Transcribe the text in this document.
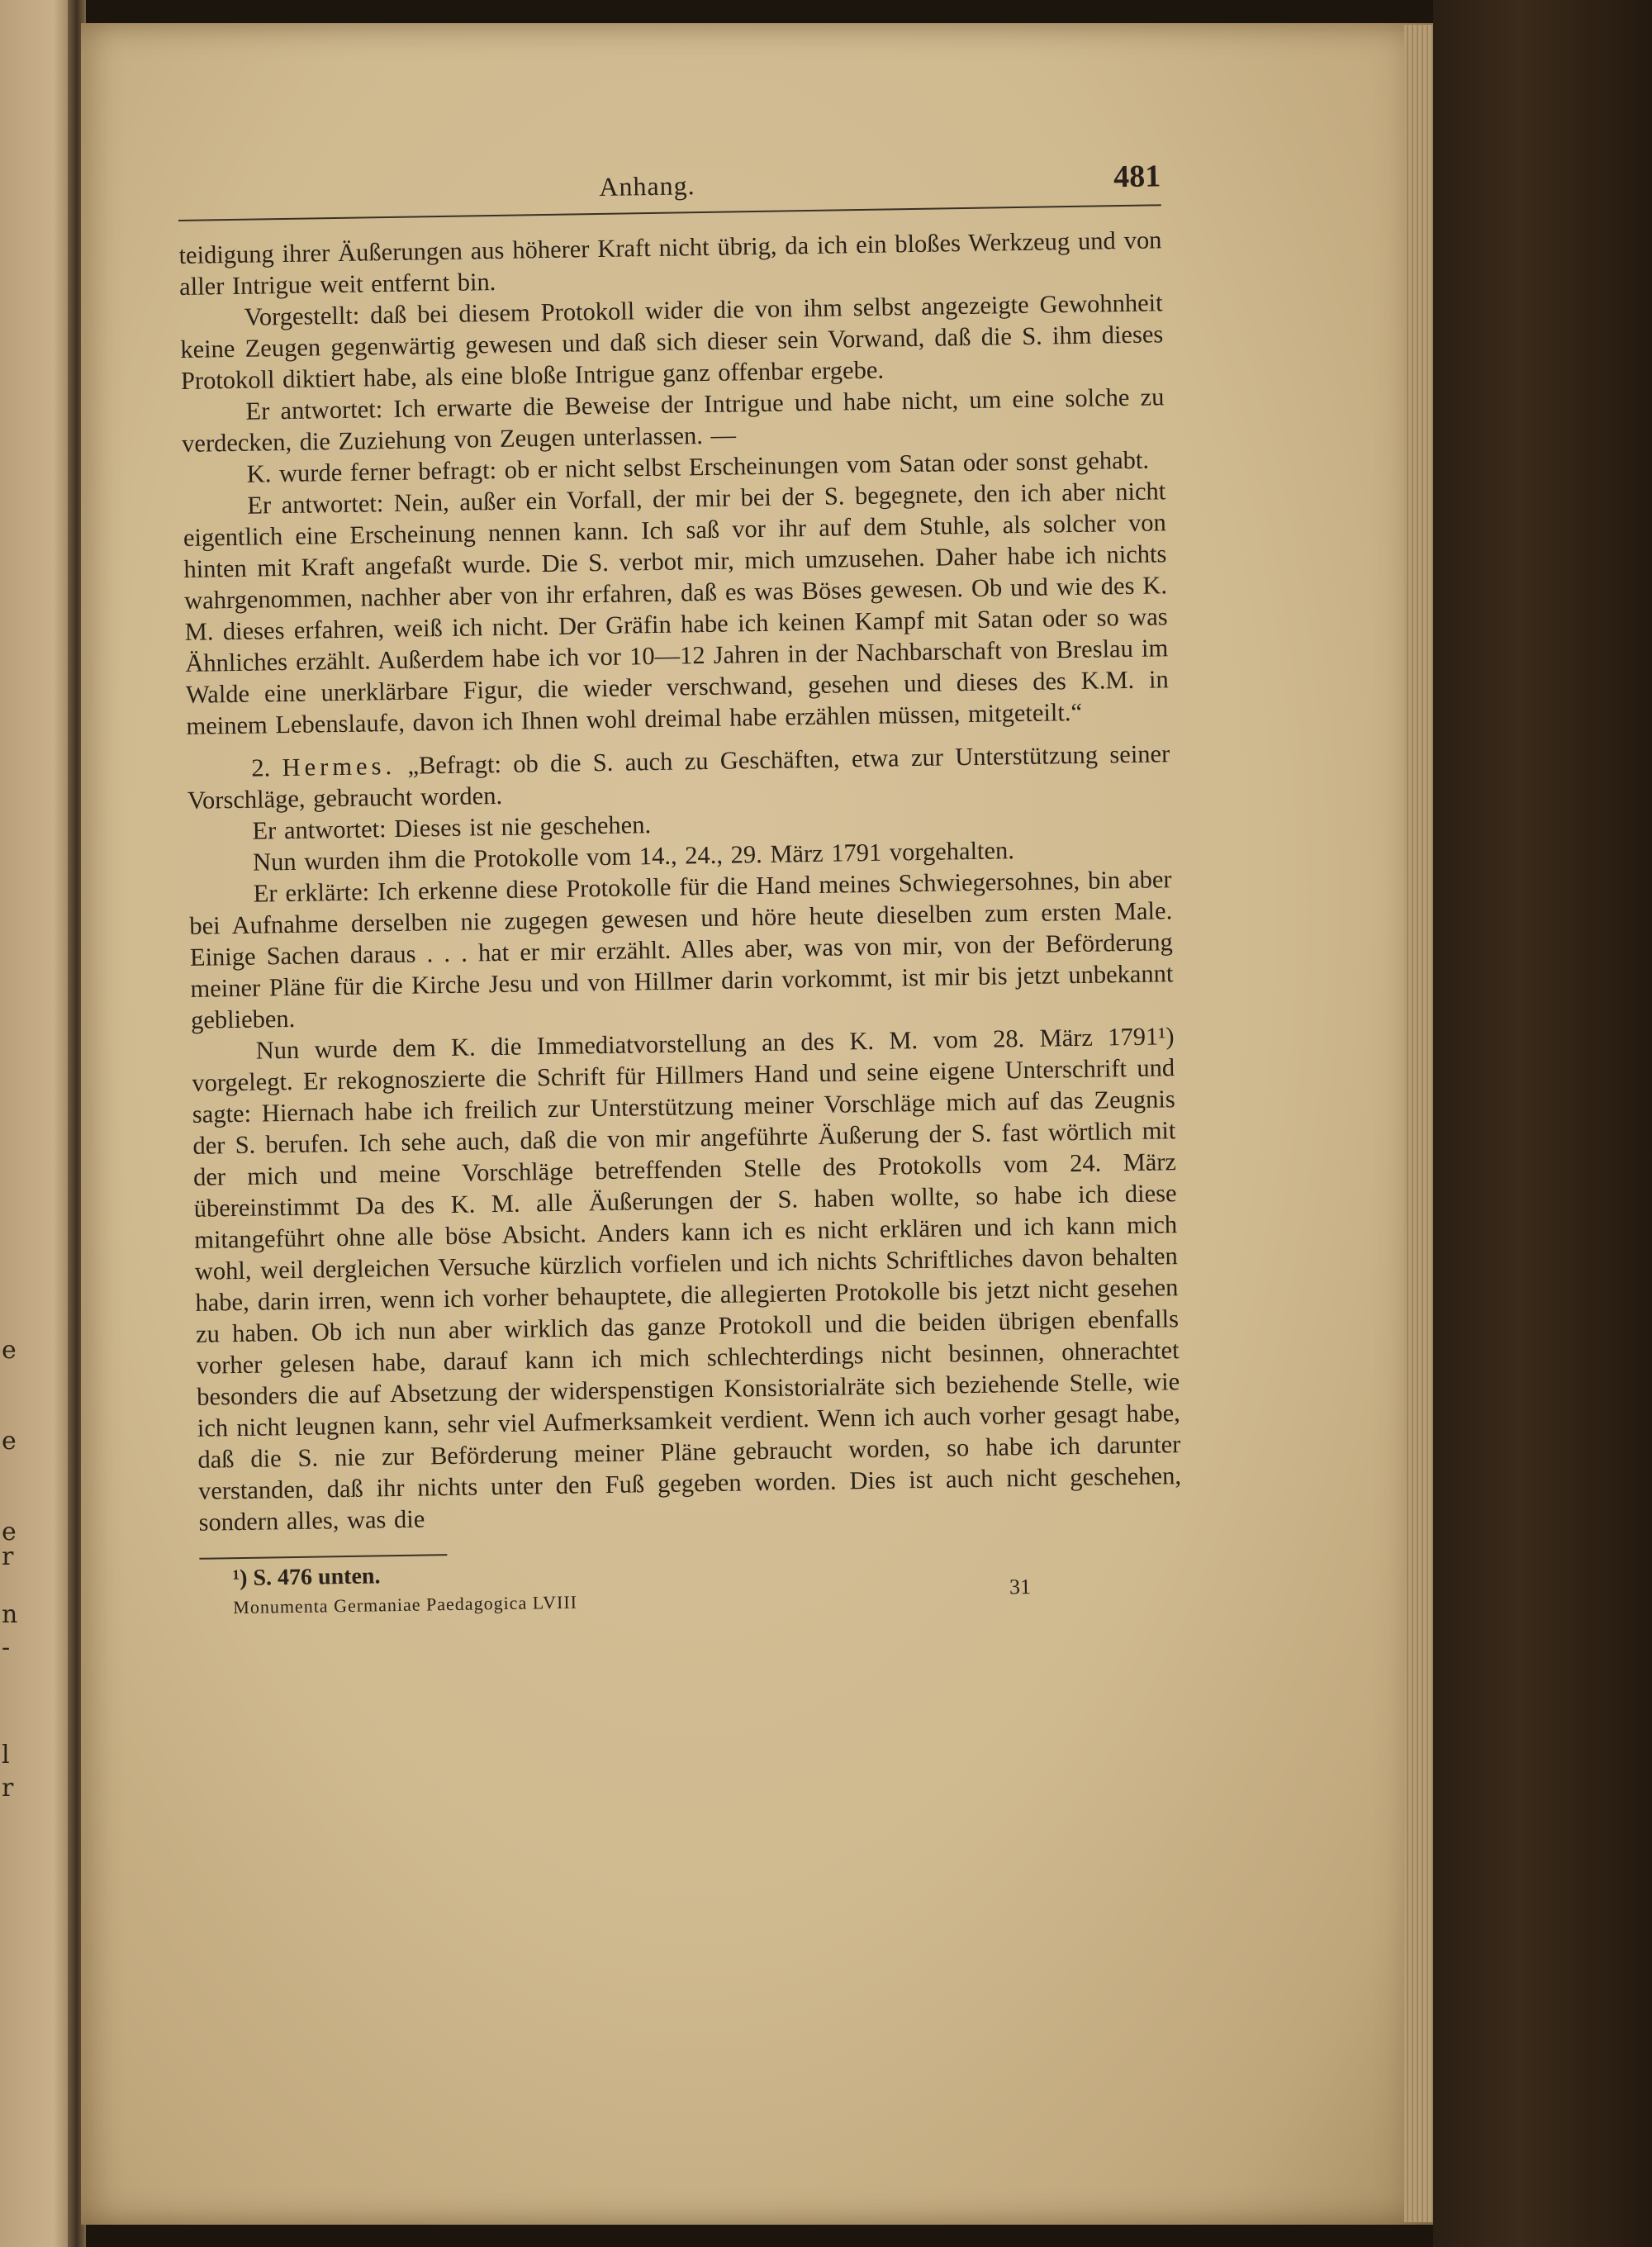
e
e
e
r
n
-
l
r
Anhang.	481

teidigung ihrer Äußerungen aus höherer Kraft nicht übrig, da ich ein bloßes Werkzeug und von aller Intrigue weit entfernt bin.

Vorgestellt: daß bei diesem Protokoll wider die von ihm selbst angezeigte Gewohnheit keine Zeugen gegenwärtig gewesen und daß sich dieser sein Vorwand, daß die S. ihm dieses Protokoll diktiert habe, als eine bloße Intrigue ganz offenbar ergebe.

Er antwortet: Ich erwarte die Beweise der Intrigue und habe nicht, um eine solche zu verdecken, die Zuziehung von Zeugen unterlassen. —

K. wurde ferner befragt: ob er nicht selbst Erscheinungen vom Satan oder sonst gehabt.

Er antwortet: Nein, außer ein Vorfall, der mir bei der S. begegnete, den ich aber nicht eigentlich eine Erscheinung nennen kann. Ich saß vor ihr auf dem Stuhle, als solcher von hinten mit Kraft angefaßt wurde. Die S. verbot mir, mich umzusehen. Daher habe ich nichts wahrgenommen, nachher aber von ihr erfahren, daß es was Böses gewesen. Ob und wie des K. M. dieses erfahren, weiß ich nicht. Der Gräfin habe ich keinen Kampf mit Satan oder so was Ähnliches erzählt. Außerdem habe ich vor 10—12 Jahren in der Nachbarschaft von Breslau im Walde eine unerklärbare Figur, die wieder verschwand, gesehen und dieses des K.M. in meinem Lebenslaufe, davon ich Ihnen wohl dreimal habe erzählen müssen, mitgeteilt.“

2. Hermes. „Befragt: ob die S. auch zu Geschäften, etwa zur Unterstützung seiner Vorschläge, gebraucht worden.

Er antwortet: Dieses ist nie geschehen.

Nun wurden ihm die Protokolle vom 14., 24., 29. März 1791 vorgehalten.

Er erklärte: Ich erkenne diese Protokolle für die Hand meines Schwiegersohnes, bin aber bei Aufnahme derselben nie zugegen gewesen und höre heute dieselben zum ersten Male. Einige Sachen daraus . . . hat er mir erzählt. Alles aber, was von mir, von der Beförderung meiner Pläne für die Kirche Jesu und von Hillmer darin vorkommt, ist mir bis jetzt unbekannt geblieben.

Nun wurde dem K. die Immediatvorstellung an des K. M. vom 28. März 1791¹) vorgelegt. Er rekognoszierte die Schrift für Hillmers Hand und seine eigene Unterschrift und sagte: Hiernach habe ich freilich zur Unterstützung meiner Vorschläge mich auf das Zeugnis der S. berufen. Ich sehe auch, daß die von mir angeführte Äußerung der S. fast wörtlich mit der mich und meine Vorschläge betreffenden Stelle des Protokolls vom 24. März übereinstimmt Da des K. M. alle Äußerungen der S. haben wollte, so habe ich diese mitangeführt ohne alle böse Absicht. Anders kann ich es nicht erklären und ich kann mich wohl, weil dergleichen Versuche kürzlich vorfielen und ich nichts Schriftliches davon behalten habe, darin irren, wenn ich vorher behauptete, die allegierten Protokolle bis jetzt nicht gesehen zu haben. Ob ich nun aber wirklich das ganze Protokoll und die beiden übrigen ebenfalls vorher gelesen habe, darauf kann ich mich schlechterdings nicht besinnen, ohnerachtet besonders die auf Absetzung der widerspenstigen Konsistorialräte sich beziehende Stelle, wie ich nicht leugnen kann, sehr viel Aufmerksamkeit verdient. Wenn ich auch vorher gesagt habe, daß die S. nie zur Beförderung meiner Pläne gebraucht worden, so habe ich darunter verstanden, daß ihr nichts unter den Fuß gegeben worden. Dies ist auch nicht geschehen, sondern alles, was die

¹) S. 476 unten.
Monumenta Germaniae Paedagogica LVIII
31
